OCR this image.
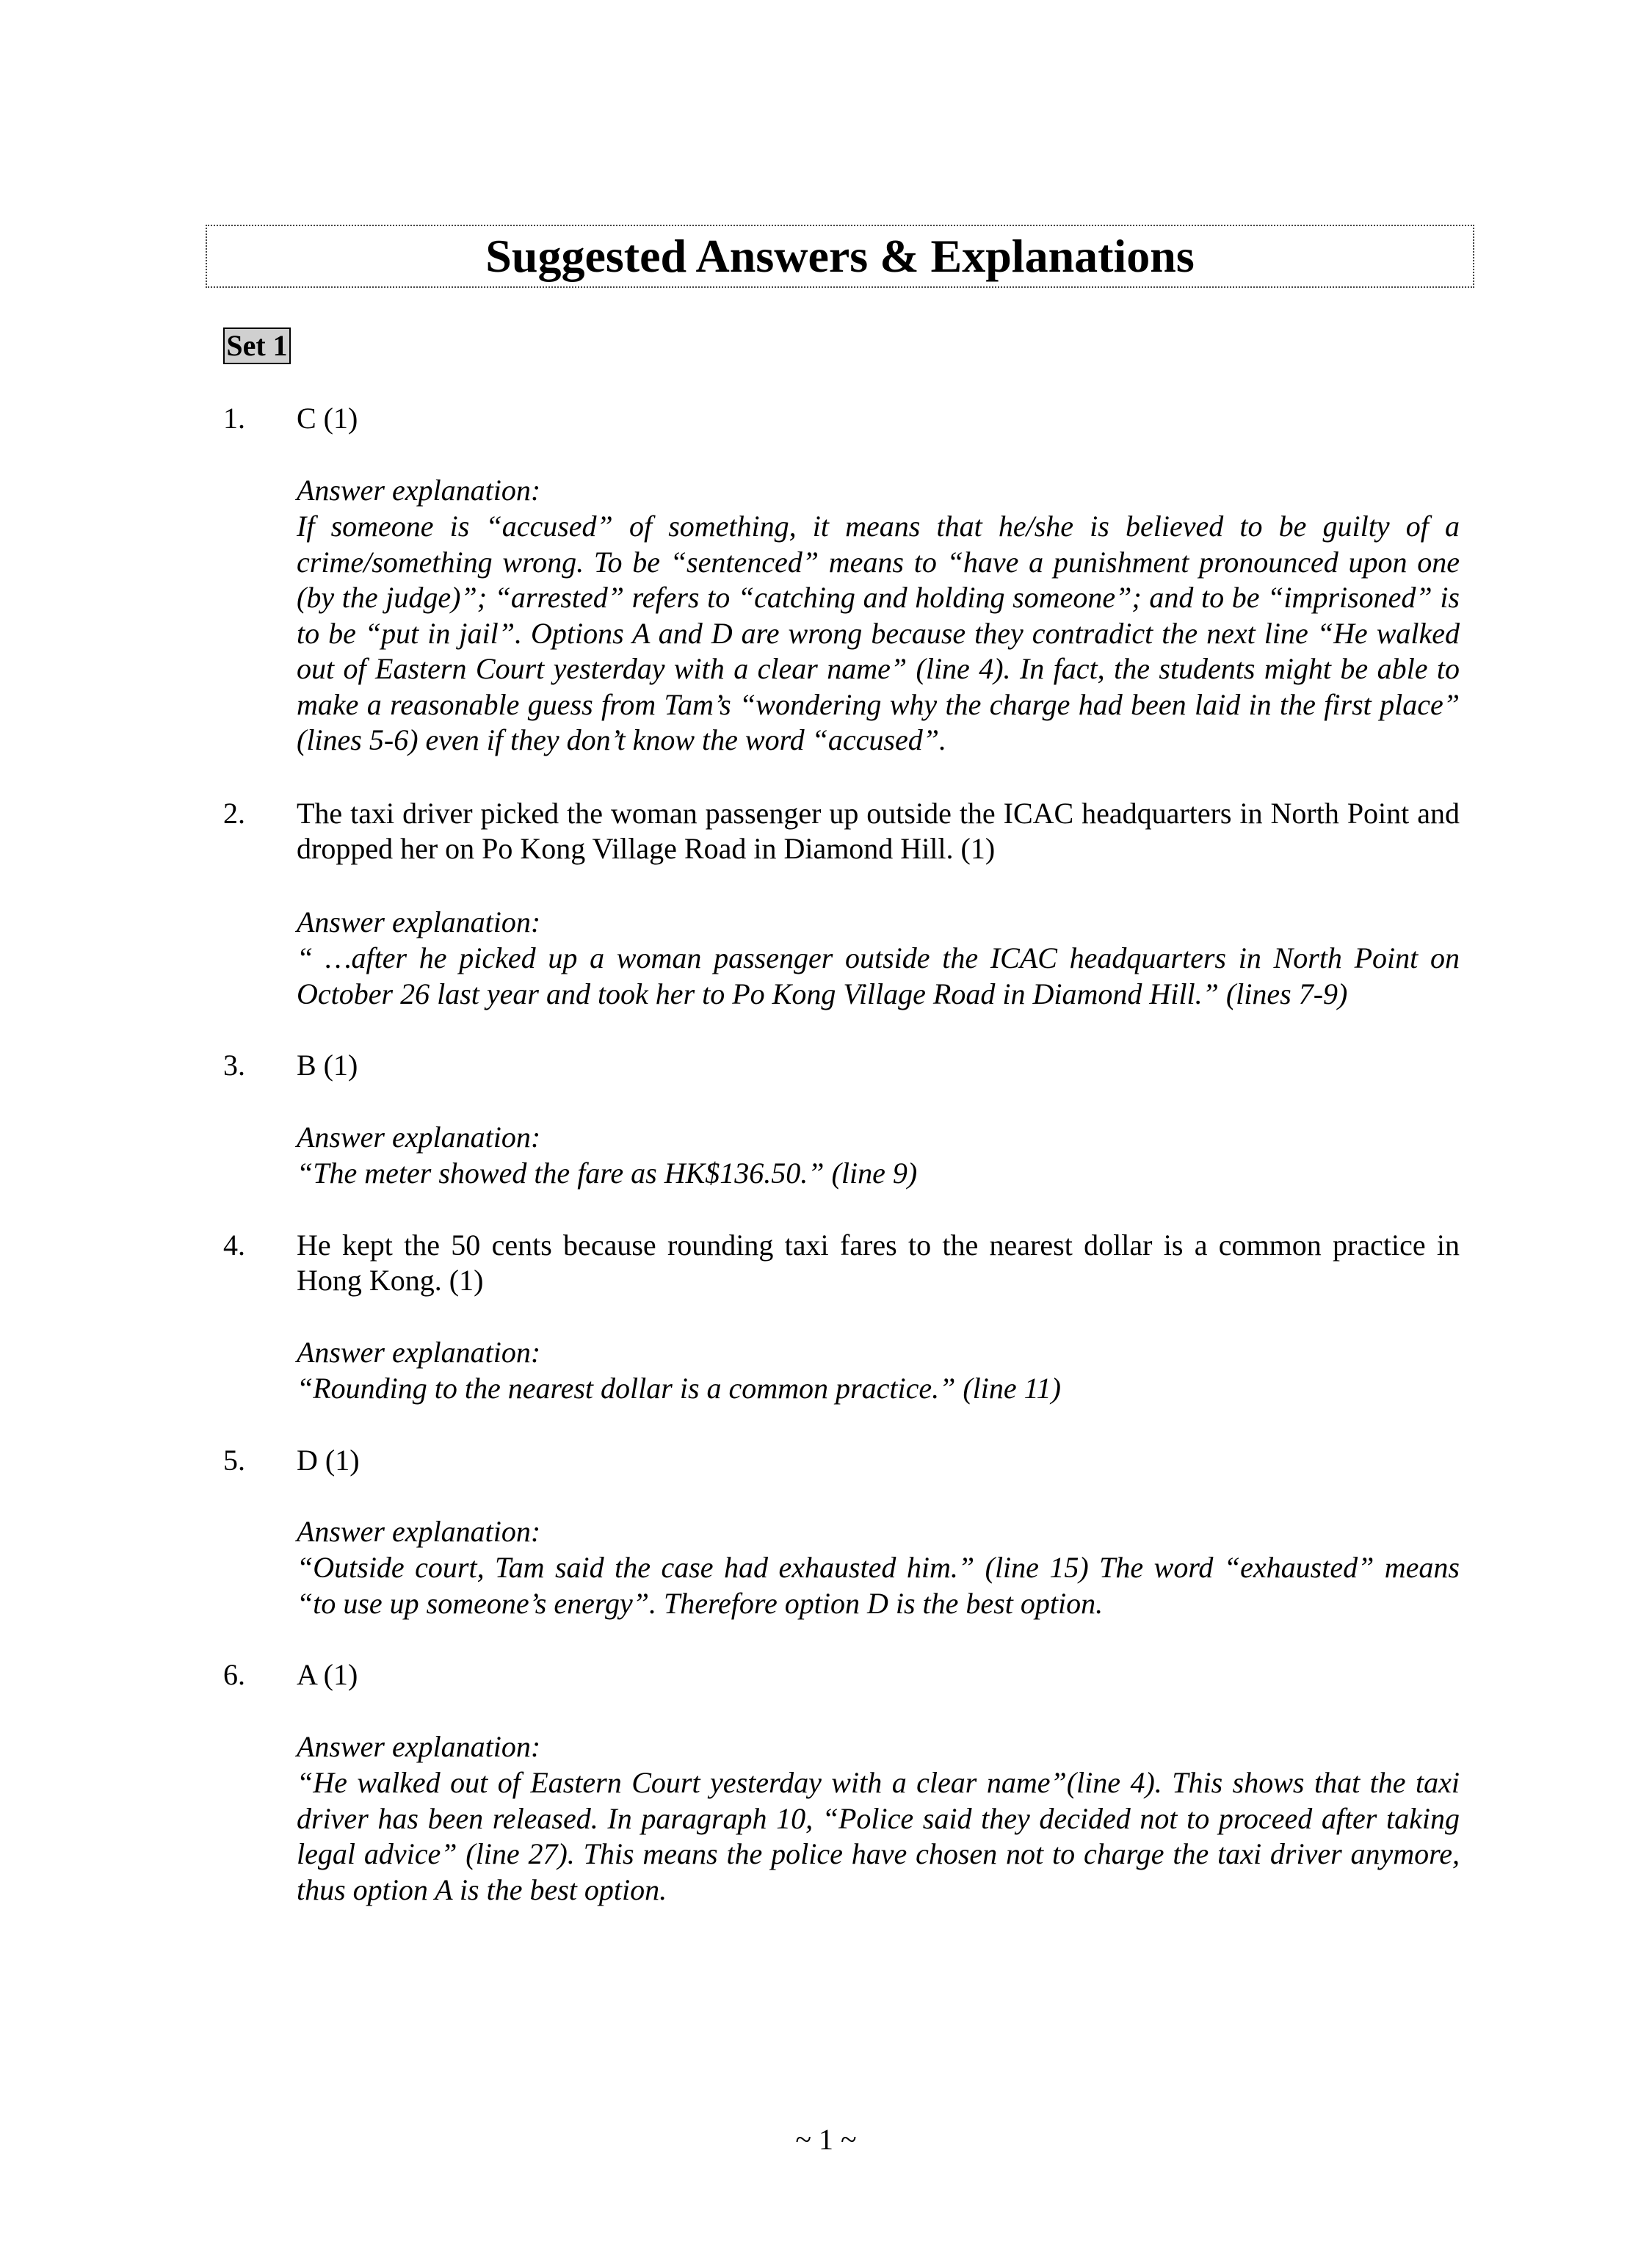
Suggested Answers & Explanations
Set 1
1. C (1)
Answer explanation:
If someone is “accused” of something, it means that he/she is believed to be guilty of a crime/something wrong. To be “sentenced” means to “have a punishment pronounced upon one (by the judge)”; “arrested” refers to “catching and holding someone”; and to be “imprisoned” is to be “put in jail”. Options A and D are wrong because they contradict the next line “He walked out of Eastern Court yesterday with a clear name” (line 4). In fact, the students might be able to make a reasonable guess from Tam’s “wondering why the charge had been laid in the first place” (lines 5-6) even if they don’t know the word “accused”.
2. The taxi driver picked the woman passenger up outside the ICAC headquarters in North Point and dropped her on Po Kong Village Road in Diamond Hill. (1)
Answer explanation:
“ …after he picked up a woman passenger outside the ICAC headquarters in North Point on October 26 last year and took her to Po Kong Village Road in Diamond Hill.” (lines 7-9)
3. B (1)
Answer explanation:
“The meter showed the fare as HK$136.50.” (line 9)
4. He kept the 50 cents because rounding taxi fares to the nearest dollar is a common practice in Hong Kong. (1)
Answer explanation:
“Rounding to the nearest dollar is a common practice.” (line 11)
5. D (1)
Answer explanation:
“Outside court, Tam said the case had exhausted him.” (line 15) The word “exhausted” means “to use up someone’s energy”. Therefore option D is the best option.
6. A (1)
Answer explanation:
“He walked out of Eastern Court yesterday with a clear name”(line 4). This shows that the taxi driver has been released. In paragraph 10, “Police said they decided not to proceed after taking legal advice” (line 27). This means the police have chosen not to charge the taxi driver anymore, thus option A is the best option.
~ 1 ~
